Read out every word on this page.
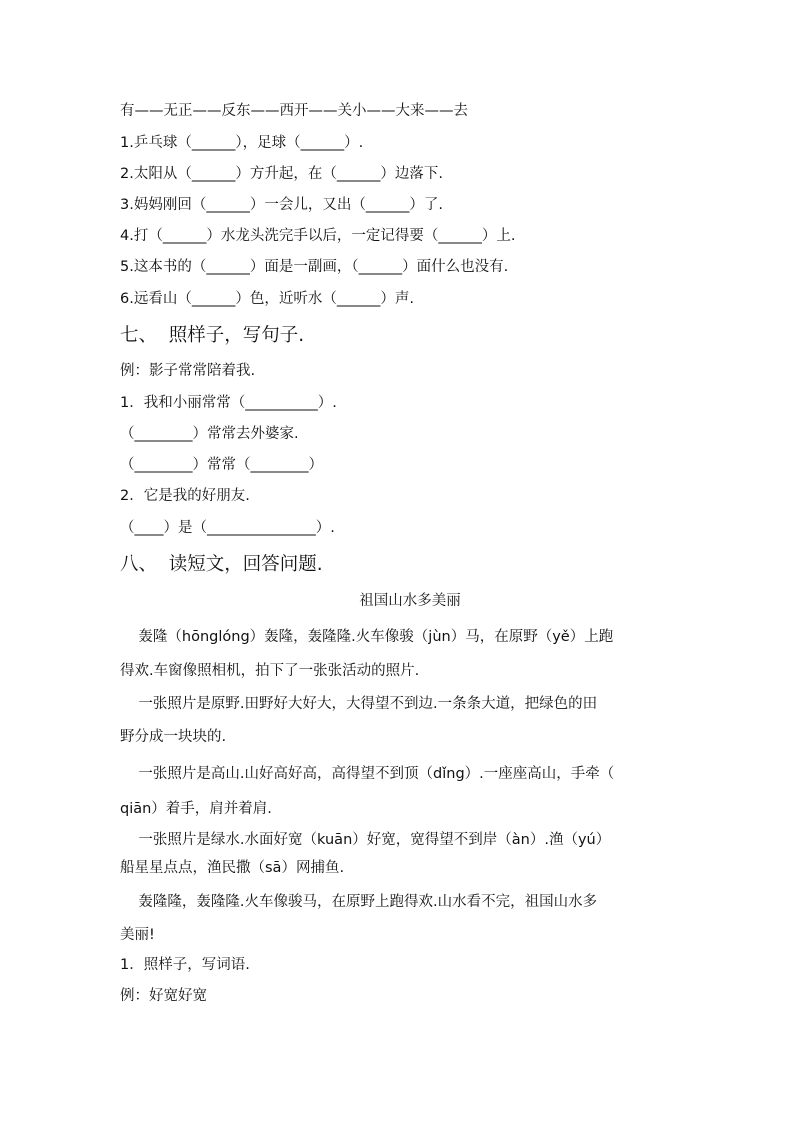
有——无正——反东——西开——关小——大来——去
1.乒乓球（______），足球（______）.
2.太阳从（______）方升起，在（______）边落下.
3.妈妈刚回（______）一会儿，又出（______）了.
4.打（______）水龙头洗完手以后，一定记得要（______）上.
5.这本书的（______）面是一副画，（______）面什么也没有.
6.远看山（______）色，近听水（______）声.
七、  照样子，写句子.
例：影子常常陪着我.
1．我和小丽常常（__________）.
（________）常常去外婆家.
（________）常常（________）
2．它是我的好朋友.
（____）是（_______________）.
八、  读短文，回答问题.
祖国山水多美丽
轰隆（hōnglóng）轰隆，轰隆隆.火车像骏（jùn）马，在原野（yě）上跑
得欢.车窗像照相机，拍下了一张张活动的照片.
一张照片是原野.田野好大好大，大得望不到边.一条条大道，把绿色的田
野分成一块块的.
一张照片是高山.山好高好高，高得望不到顶（dǐng）.一座座高山，手牵（
qiān）着手，肩并着肩.
一张照片是绿水.水面好宽（kuān）好宽，宽得望不到岸（àn）.渔（yú）
船星星点点，渔民撒（sā）网捕鱼.
轰隆隆，轰隆隆.火车像骏马，在原野上跑得欢.山水看不完，祖国山水多
美丽!
1．照样子，写词语.
例：好宽好宽
